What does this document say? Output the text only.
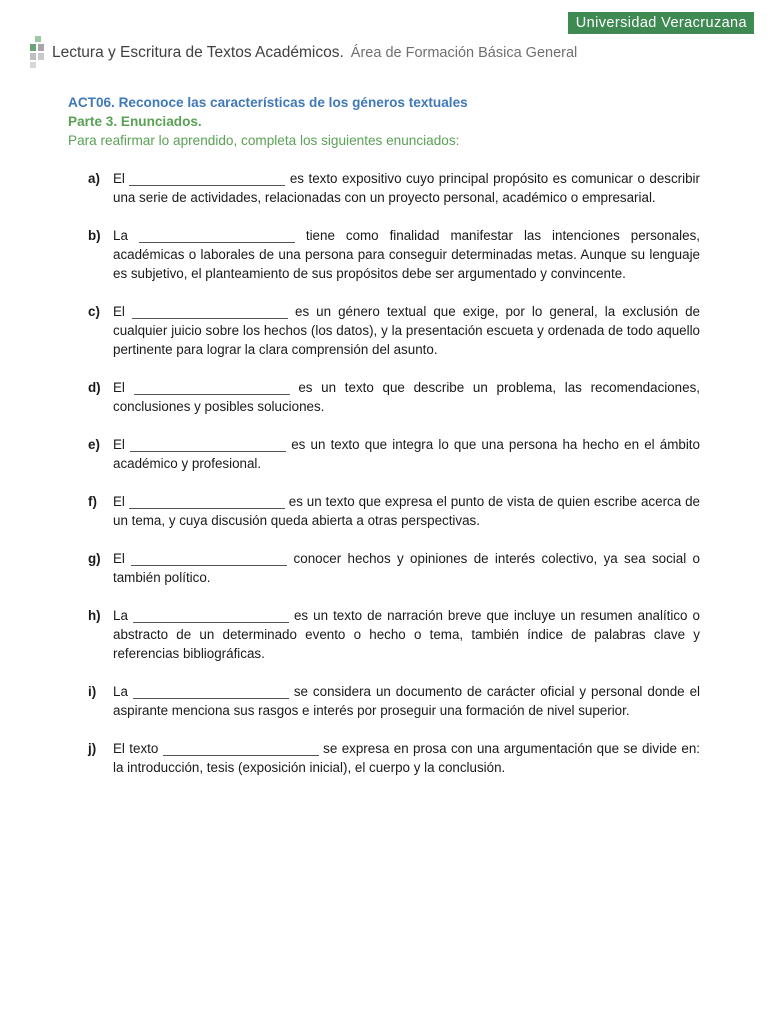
Universidad Veracruzana
Lectura y Escritura de Textos Académicos. Área de Formación Básica General
ACT06. Reconoce las características de los géneros textuales
Parte 3. Enunciados.
Para reafirmar lo aprendido, completa los siguientes enunciados:
a) El	es texto expositivo cuyo principal propósito es comunicar o describir una serie de actividades, relacionadas con un proyecto personal, académico o empresarial.
b) La	tiene como finalidad manifestar las intenciones personales, académicas o laborales de una persona para conseguir determinadas metas. Aunque su lenguaje es subjetivo, el planteamiento de sus propósitos debe ser argumentado y convincente.
c) El	es un género textual que exige, por lo general, la exclusión de cualquier juicio sobre los hechos (los datos), y la presentación escueta y ordenada de todo aquello pertinente para lograr la clara comprensión del asunto.
d) El	es un texto que describe un problema, las recomendaciones, conclusiones y posibles soluciones.
e) El	es un texto que integra lo que una persona ha hecho en el ámbito académico y profesional.
f)	El	es un texto que expresa el punto de vista de quien escribe acerca de un tema, y cuya discusión queda abierta a otras perspectivas.
g) El	conocer hechos y opiniones de interés colectivo, ya sea social o también político.
h) La	es un texto de narración breve que incluye un resumen analítico o abstracto de un determinado evento o hecho o tema, también índice de palabras clave y referencias bibliográficas.
i)	La	se considera un documento de carácter oficial y personal donde el aspirante menciona sus rasgos e interés por proseguir una formación de nivel superior.
j)	El texto	se expresa en prosa con una argumentación que se divide en: la introducción, tesis (exposición inicial), el cuerpo y la conclusión.
